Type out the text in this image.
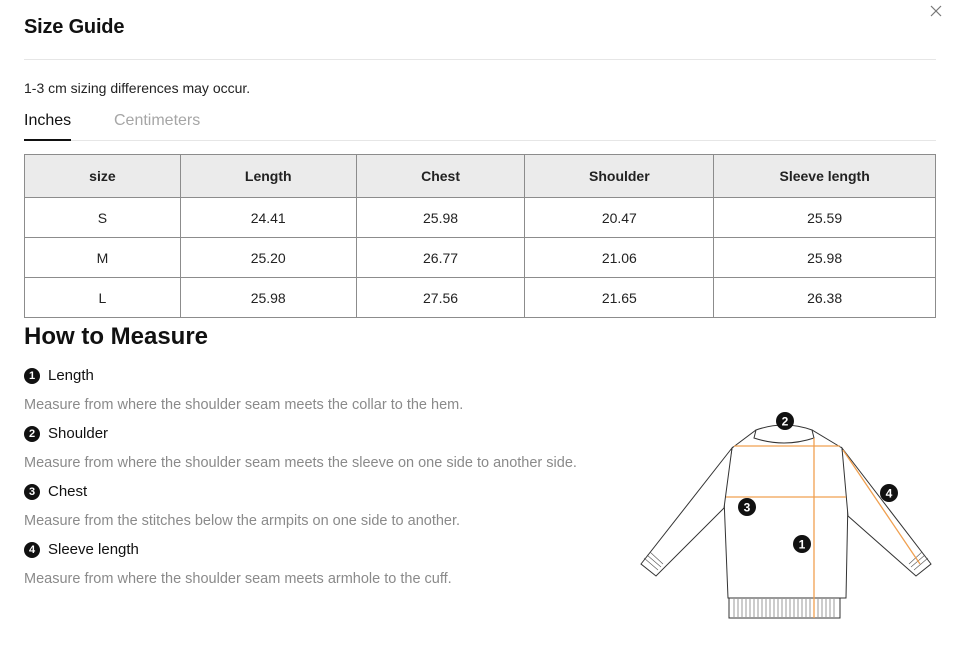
Size Guide
1-3 cm sizing differences may occur.
Inches	Centimeters
size	Length	Chest	Shoulder	Sleeve length
S	24.41	25.98	20.47	25.59
M	25.20	26.77	21.06	25.98
L	25.98	27.56	21.65	26.38
How to Measure
1 Length
Measure from where the shoulder seam meets the collar to the hem.
2 Shoulder
Measure from where the shoulder seam meets the sleeve on one side to another side.
3 Chest
Measure from the stitches below the armpits on one side to another.
4 Sleeve length
Measure from where the shoulder seam meets armhole to the cuff.
2
3
1
4
